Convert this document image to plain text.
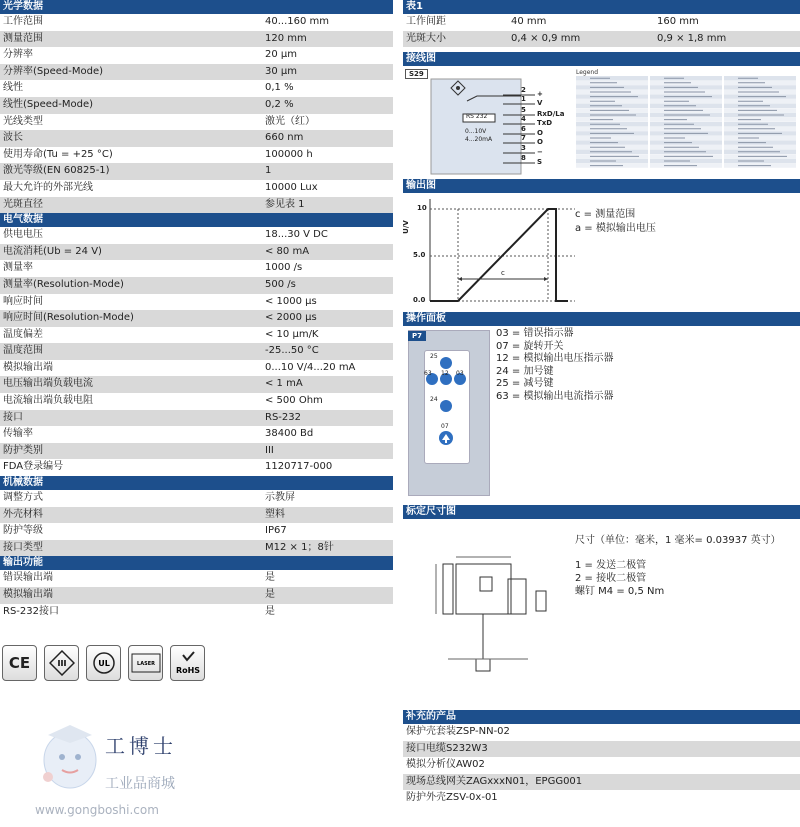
光学数据
工作范围	40...160 mm
测量范围	120 mm
分辨率	20 µm
分辨率(Speed-Mode)	30 µm
线性	0,1 %
线性(Speed-Mode)	0,2 %
光线类型	激光（红）
波长	660 nm
使用寿命(Tu = +25 °C)	100000 h
激光等级(EN 60825-1)	1
最大允许的外部光线	10000 Lux
光斑直径	参见表 1
电气数据
供电电压	18...30 V DC
电流消耗(Ub = 24 V)	< 80 mA
测量率	1000 /s
测量率(Resolution-Mode)	500 /s
响应时间	< 1000 µs
响应时间(Resolution-Mode)	< 2000 µs
温度偏差	< 10 µm/K
温度范围	-25...50 °C
模拟输出端	0...10 V/4...20 mA
电压输出端负载电流	< 1 mA
电流输出端负载电阻	< 500 Ohm
接口	RS-232
传输率	38400 Bd
防护类别	III
FDA登录编号	1120717-000
机械数据
调整方式	示教屏
外壳材料	塑料
防护等级	IP67
接口类型	M12 × 1；8针
输出功能
错误输出端	是
模拟输出端	是
RS-232接口	是
CE	III	UL	LASER
RoHS
工博士
工业品商城
www.gongboshi.com
表1
工作间距	40 mm	160 mm
光斑大小	0,4 × 0,9 mm	0,9 × 1,8 mm
接线图
S29
RS 232
0...10V
4...20mA
2 +
1 V
5 RxD/La
4 TxD
6 O
7 O
3 −
8 S
Legend
输出图
U/V
10
5.0
0.0
c
c = 测量范围
a = 模拟输出电压
操作面板
P7
25
63 12 03
24
07
03 = 错误指示器
07 = 旋转开关
12 = 模拟输出电压指示器
24 = 加号键
25 = 减号键
63 = 模拟输出电流指示器
标定尺寸图
尺寸（单位：毫米，1 毫米= 0.03937 英寸）
1 = 发送二极管
2 = 接收二极管
螺钉 M4 = 0,5 Nm
补充的产品
保护壳套装ZSP-NN-02
接口电缆S232W3
模拟分析仪AW02
现场总线网关ZAGxxxN01，EPGG001
防护外壳ZSV-0x-01
